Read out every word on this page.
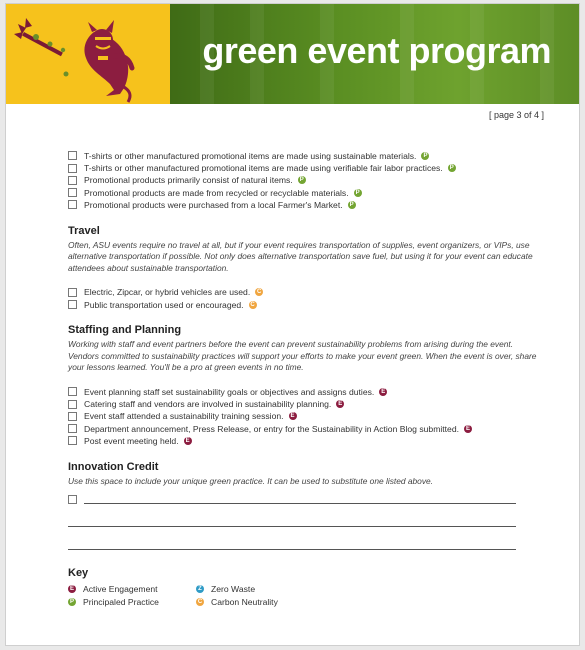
green event program
[ page 3 of 4 ]
T-shirts or other manufactured promotional items are made using sustainable materials.	P
T-shirts or other manufactured promotional items are made using verifiable fair labor practices.	P
Promotional products primarily consist of natural items.	P
Promotional products are made from recycled or recyclable materials.	P
Promotional products were purchased from a local Farmer's Market.	P
Travel
Often, ASU events require no travel at all, but if your event requires transportation of supplies, event organizers, or VIPs, use alternative transportation if possible. Not only does alternative transportation save fuel, but using it for your event can educate attendees about sustainable transportation.
Electric, Zipcar, or hybrid vehicles are used.	C
Public transportation used or encouraged.	C
Staffing and Planning
Working with staff and event partners before the event can prevent sustainability problems from arising during the event. Vendors committed to sustainability practices will support your efforts to make your event green. When the event is over, share your lessons learned. You'll be a pro at green events in no time.
Event planning staff set sustainability goals or objectives and assigns duties.	E
Catering staff and vendors are involved in sustainability planning.	E
Event staff attended a sustainability training session.	E
Department announcement, Press Release, or entry for the Sustainability in Action Blog submitted.	E
Post event meeting held.	E
Innovation Credit
Use this space to include your unique green practice. It can be used to substitute one listed above.
Key
E Active Engagement	Z Zero Waste
P Principaled Practice	C Carbon Neutrality
